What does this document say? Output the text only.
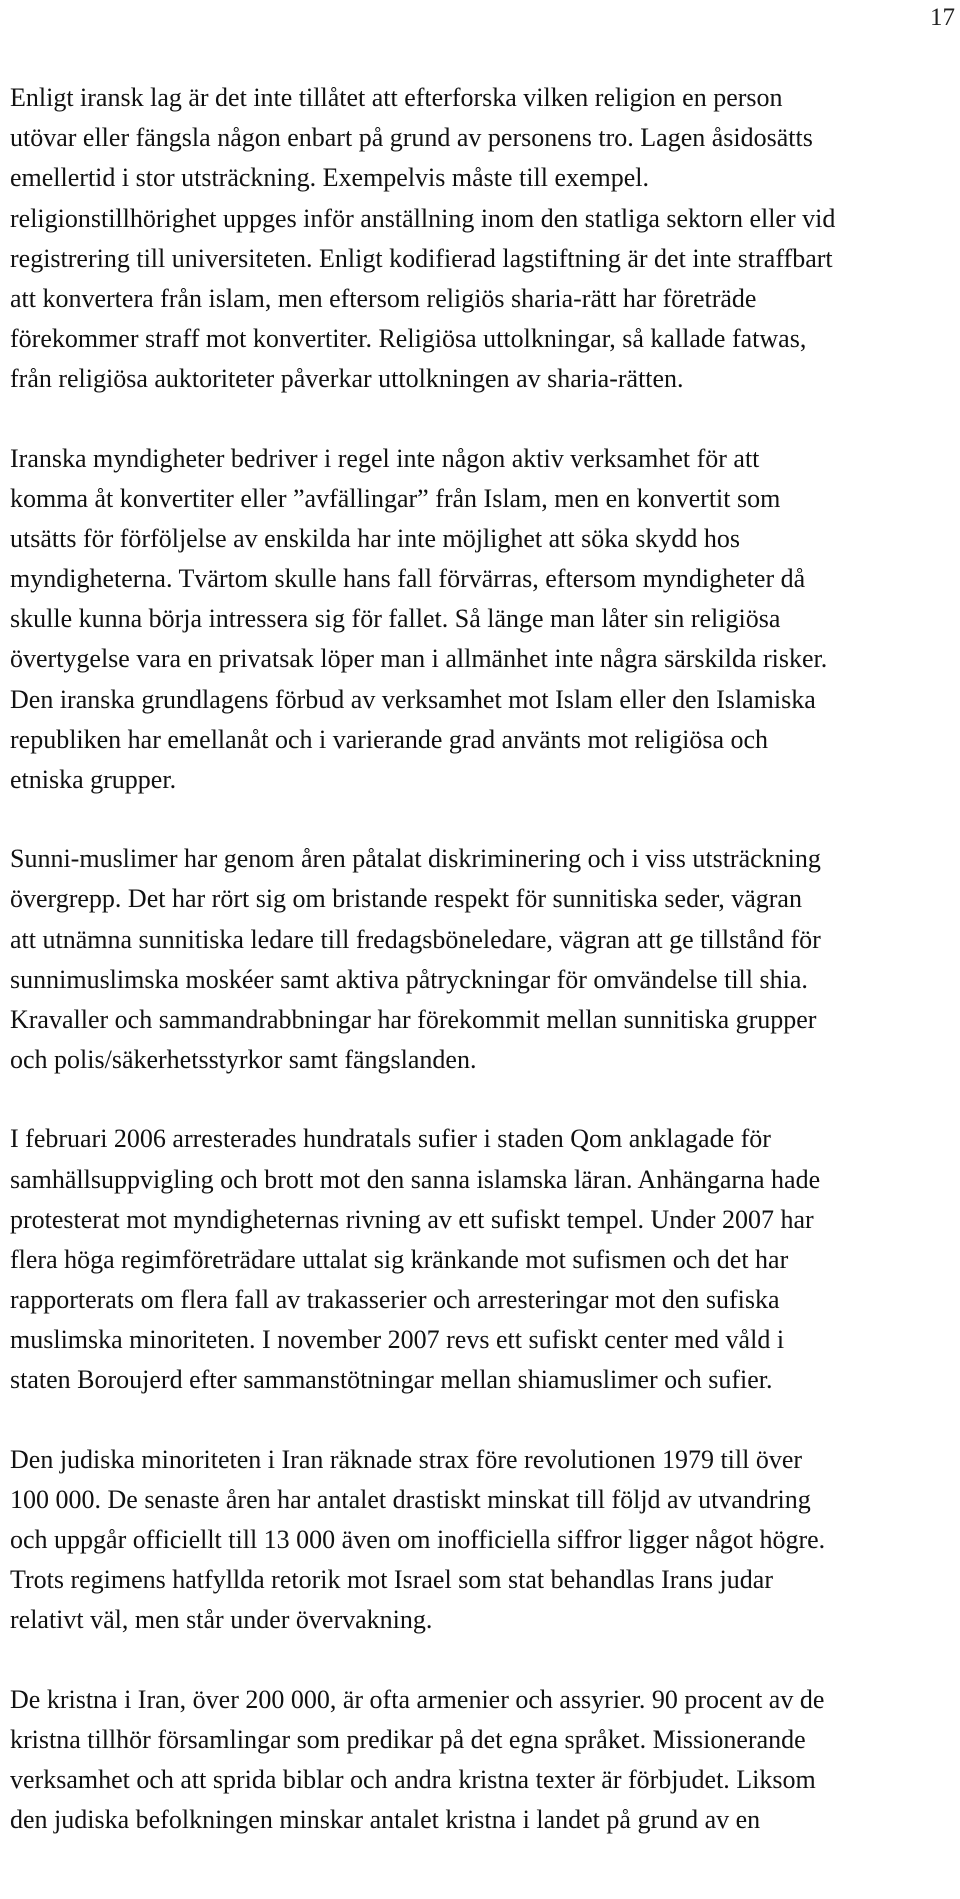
17

Enligt iransk lag är det inte tillåtet att efterforska vilken religion en person
utövar eller fängsla någon enbart på grund av personens tro. Lagen åsidosätts
emellertid i stor utsträckning. Exempelvis måste till exempel.
religionstillhörighet uppges inför anställning inom den statliga sektorn eller vid
registrering till universiteten. Enligt kodifierad lagstiftning är det inte straffbart
att konvertera från islam, men eftersom religiös sharia-rätt har företräde
förekommer straff mot konvertiter. Religiösa uttolkningar, så kallade fatwas,
från religiösa auktoriteter påverkar uttolkningen av sharia-rätten.

Iranska myndigheter bedriver i regel inte någon aktiv verksamhet för att
komma åt konvertiter eller ”avfällingar” från Islam, men en konvertit som
utsätts för förföljelse av enskilda har inte möjlighet att söka skydd hos
myndigheterna. Tvärtom skulle hans fall förvärras, eftersom myndigheter då
skulle kunna börja intressera sig för fallet. Så länge man låter sin religiösa
övertygelse vara en privatsak löper man i allmänhet inte några särskilda risker.
Den iranska grundlagens förbud av verksamhet mot Islam eller den Islamiska
republiken har emellanåt och i varierande grad använts mot religiösa och
etniska grupper.

Sunni-muslimer har genom åren påtalat diskriminering och i viss utsträckning
övergrepp. Det har rört sig om bristande respekt för sunnitiska seder, vägran
att utnämna sunnitiska ledare till fredagsböneledare, vägran att ge tillstånd för
sunnimuslimska moskéer samt aktiva påtryckningar för omvändelse till shia.
Kravaller och sammandrabbningar har förekommit mellan sunnitiska grupper
och polis/säkerhetsstyrkor samt fängslanden.

I februari 2006 arresterades hundratals sufier i staden Qom anklagade för
samhällsuppvigling och brott mot den sanna islamska läran. Anhängarna hade
protesterat mot myndigheternas rivning av ett sufiskt tempel. Under 2007 har
flera höga regimföreträdare uttalat sig kränkande mot sufismen och det har
rapporterats om flera fall av trakasserier och arresteringar mot den sufiska
muslimska minoriteten. I november 2007 revs ett sufiskt center med våld i
staten Boroujerd efter sammanstötningar mellan shiamuslimer och sufier.

Den judiska minoriteten i Iran räknade strax före revolutionen 1979 till över
100 000. De senaste åren har antalet drastiskt minskat till följd av utvandring
och uppgår officiellt till 13 000 även om inofficiella siffror ligger något högre.
Trots regimens hatfyllda retorik mot Israel som stat behandlas Irans judar
relativt väl, men står under övervakning.

De kristna i Iran, över 200 000, är ofta armenier och assyrier. 90 procent av de
kristna tillhör församlingar som predikar på det egna språket. Missionerande
verksamhet och att sprida biblar och andra kristna texter är förbjudet. Liksom
den judiska befolkningen minskar antalet kristna i landet på grund av en
